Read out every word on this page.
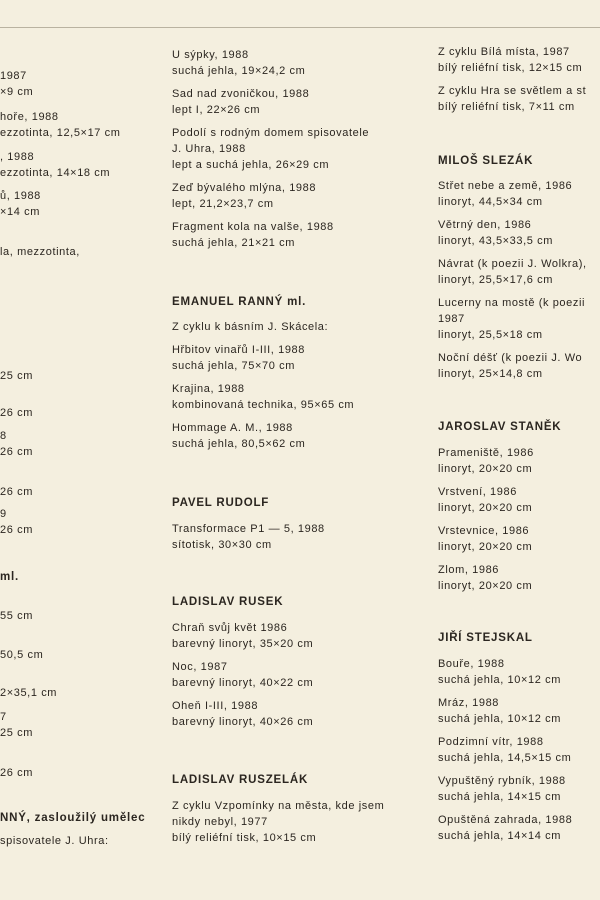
1987
×9 cm
hoře, 1988
ezzotinta, 12,5×17 cm
, 1988
ezzotinta, 14×18 cm
ů, 1988
×14 cm
la, mezzotinta,
25 cm
26 cm
8
26 cm
26 cm
9
26 cm
ml.
55 cm
50,5 cm
2×35,1 cm
7
25 cm
26 cm
NNÝ, zasloužilý umělec
spisovatele J. Uhra:
U sýpky, 1988
suchá jehla, 19×24,2 cm
Sad nad zvoničkou, 1988
lept I, 22×26 cm
Podolí s rodným domem spisovatele
J. Uhra, 1988
lept a suchá jehla, 26×29 cm
Zeď bývalého mlýna, 1988
lept, 21,2×23,7 cm
Fragment kola na valše, 1988
suchá jehla, 21×21 cm
EMANUEL RANNÝ ml.
Z cyklu k básním J. Skácela:
Hřbitov vinařů I-III, 1988
suchá jehla, 75×70 cm
Krajina, 1988
kombinovaná technika, 95×65 cm
Hommage A. M., 1988
suchá jehla, 80,5×62 cm
PAVEL RUDOLF
Transformace P1 — 5, 1988
sítotisk, 30×30 cm
LADISLAV RUSEK
Chraň svůj květ 1986
barevný linoryt, 35×20 cm
Noc, 1987
barevný linoryt, 40×22 cm
Oheň I-III, 1988
barevný linoryt, 40×26 cm
LADISLAV RUSZELÁK
Z cyklu Vzpomínky na města, kde jsem
nikdy nebyl, 1977
bílý reliéfní tisk, 10×15 cm
Z cyklu Bílá místa, 1987
bílý reliéfní tisk, 12×15 cm
Z cyklu Hra se světlem a st
bílý reliéfní tisk, 7×11 cm
MILOŠ SLEZÁK
Střet nebe a země, 1986
linoryt, 44,5×34 cm
Větrný den, 1986
linoryt, 43,5×33,5 cm
Návrat (k poezii J. Wolkra),
linoryt, 25,5×17,6 cm
Lucerny na mostě (k poezii
1987
linoryt, 25,5×18 cm
Noční déšť (k poezii J. Wo
linoryt, 25×14,8 cm
JAROSLAV STANĚK
Prameniště, 1986
linoryt, 20×20 cm
Vrstvení, 1986
linoryt, 20×20 cm
Vrstevnice, 1986
linoryt, 20×20 cm
Zlom, 1986
linoryt, 20×20 cm
JIŘÍ STEJSKAL
Bouře, 1988
suchá jehla, 10×12 cm
Mráz, 1988
suchá jehla, 10×12 cm
Podzimní vítr, 1988
suchá jehla, 14,5×15 cm
Vypuštěný rybník, 1988
suchá jehla, 14×15 cm
Opuštěná zahrada, 1988
suchá jehla, 14×14 cm
